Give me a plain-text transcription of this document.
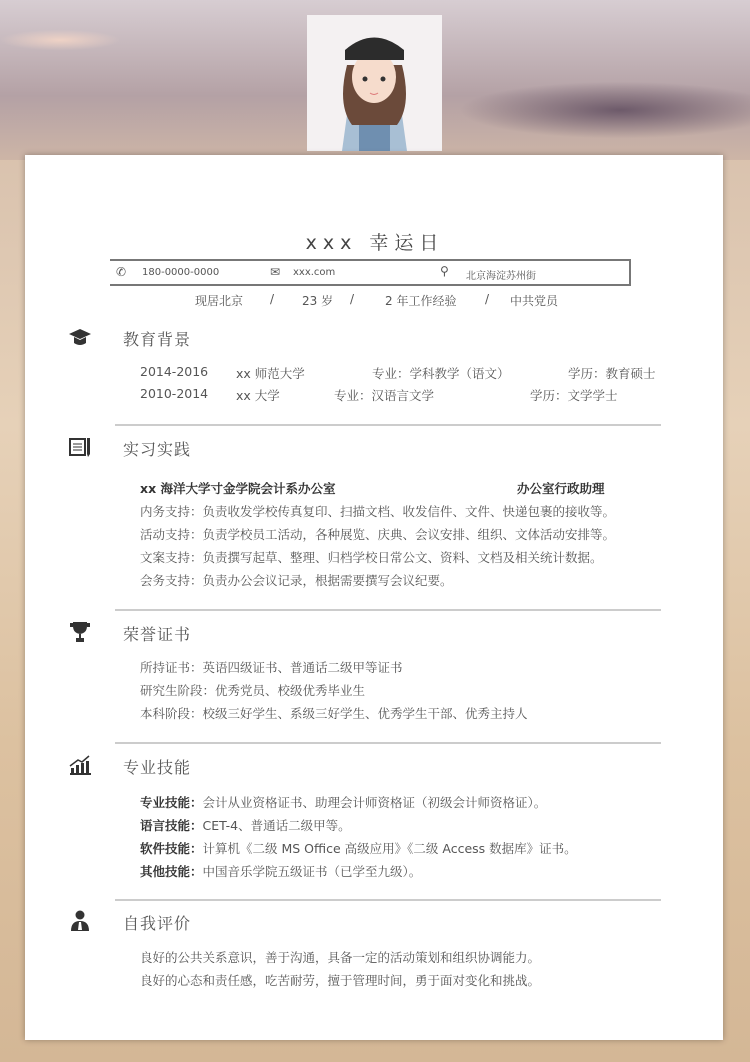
xxx 幸运日
✆ 180-0000-0000	✉ xxx.com	⚲ 北京海淀苏州街
现居北京 / 23 岁 /	2 年工作经验 / 中共党员
教育背景
2014-2016 xx 师范大学	专业：学科教学（语文）	学历：教育硕士
2010-2014 xx 大学	专业：汉语言文学	学历：文学学士
实习实践
xx 海洋大学寸金学院会计系办公室	办公室行政助理
内务支持：负责收发学校传真复印、扫描文档、收发信件、文件、快递包裹的接收等。
活动支持：负责学校员工活动，各种展览、庆典、会议安排、组织、文体活动安排等。
文案支持：负责撰写起草、整理、归档学校日常公文、资料、文档及相关统计数据。
会务支持：负责办公会议记录，根据需要撰写会议纪要。
荣誉证书
所持证书：英语四级证书、普通话二级甲等证书
研究生阶段：优秀党员、校级优秀毕业生
本科阶段：校级三好学生、系级三好学生、优秀学生干部、优秀主持人
专业技能
专业技能：会计从业资格证书、助理会计师资格证（初级会计师资格证）。
语言技能：CET-4、普通话二级甲等。
软件技能：计算机《二级 MS Office 高级应用》《二级 Access 数据库》证书。
其他技能：中国音乐学院五级证书（已学至九级）。
自我评价
良好的公共关系意识，善于沟通，具备一定的活动策划和组织协调能力。
良好的心态和责任感，吃苦耐劳，擅于管理时间，勇于面对变化和挑战。
